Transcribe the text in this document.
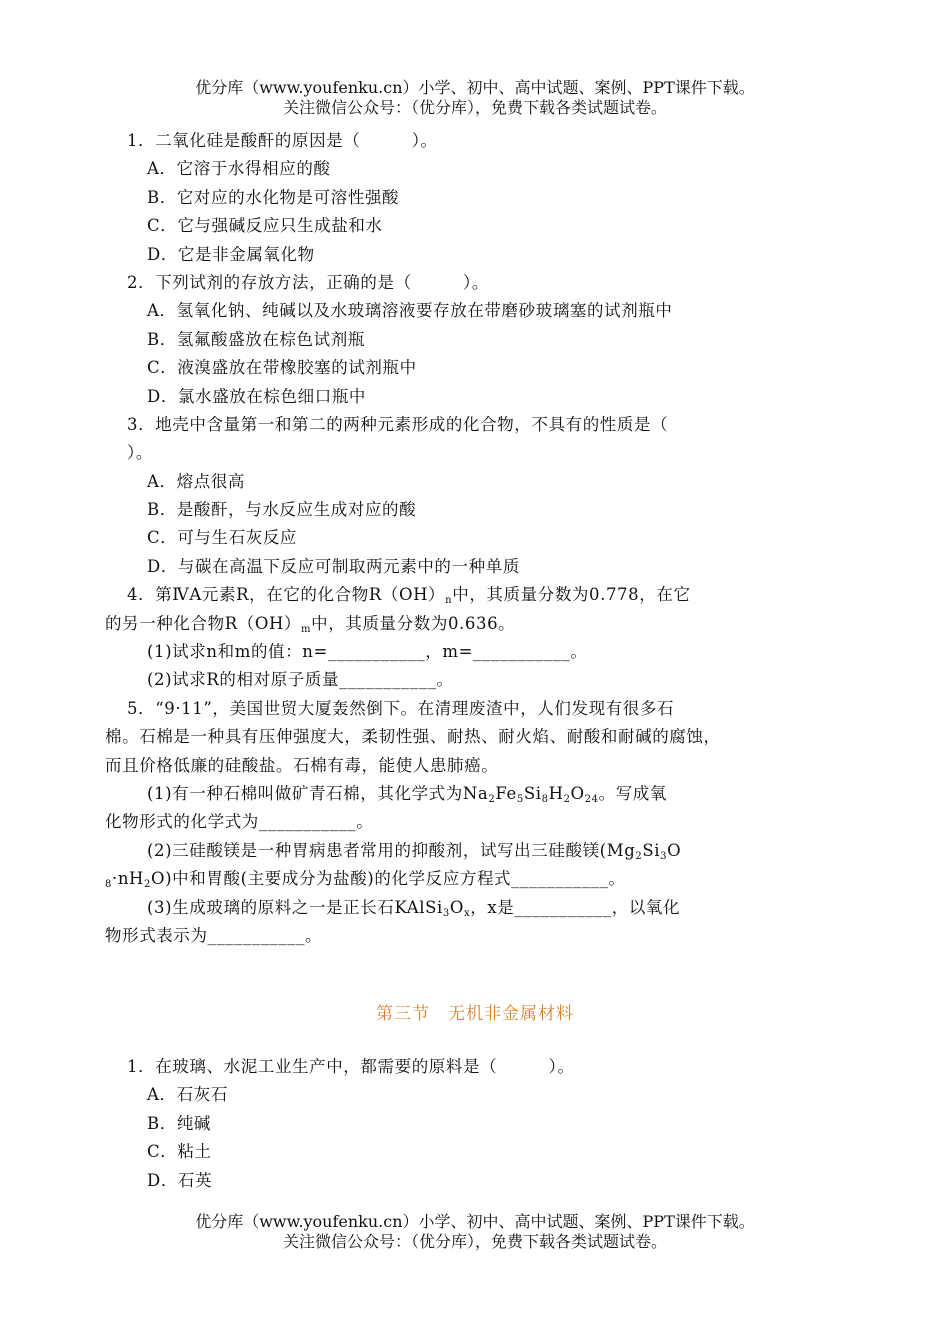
优分库（www.youfenku.cn）小学、初中、高中试题、案例、PPT课件下载。
关注微信公众号：（优分库），免费下载各类试题试卷。
1．二氧化硅是酸酐的原因是（　　　）。
A．它溶于水得相应的酸
B．它对应的水化物是可溶性强酸
C．它与强碱反应只生成盐和水
D．它是非金属氧化物
2．下列试剂的存放方法，正确的是（　　　）。
A．氢氧化钠、纯碱以及水玻璃溶液要存放在带磨砂玻璃塞的试剂瓶中
B．氢氟酸盛放在棕色试剂瓶
C．液溴盛放在带橡胶塞的试剂瓶中
D．氯水盛放在棕色细口瓶中
3．地壳中含量第一和第二的两种元素形成的化合物，不具有的性质是（
）。
A．熔点很高
B．是酸酐，与水反应生成对应的酸
C．可与生石灰反应
D．与碳在高温下反应可制取两元素中的一种单质
4．第ⅣA元素R，在它的化合物$R(OH)_n$中，其质量分数为0.778，在它
的另一种化合物$R(OH)_m$中，其质量分数为0.636。
(1)试求n和m的值：n=___________，m=___________。
(2)试求R的相对原子质量___________。
5．“9·11”，美国世贸大厦轰然倒下。在清理废渣中，人们发现有很多石
棉。石棉是一种具有压伸强度大，柔韧性强、耐热、耐火焰、耐酸和耐碱的腐蚀，
而且价格低廉的硅酸盐。石棉有毒，能使人患肺癌。
(1)有一种石棉叫做矿青石棉，其化学式为$Na_2Fe_5Si_8H_2O_{24}$。写成氧
化物形式的化学式为___________。
(2)三硅酸镁是一种胃病患者常用的抑酸剂，试写出三硅酸镁($Mg_2Si_3O$
$_8\cdot nH_2O$)中和胃酸(主要成分为盐酸)的化学反应方程式___________。
(3)生成玻璃的原料之一是正长石$KAlSi_3O_x$，x是___________，以氧化
物形式表示为___________。
第三节　无机非金属材料
1．在玻璃、水泥工业生产中，都需要的原料是（　　　）。
A．石灰石
B．纯碱
C．粘土
D．石英
优分库（www.youfenku.cn）小学、初中、高中试题、案例、PPT课件下载。
关注微信公众号：（优分库），免费下载各类试题试卷。
